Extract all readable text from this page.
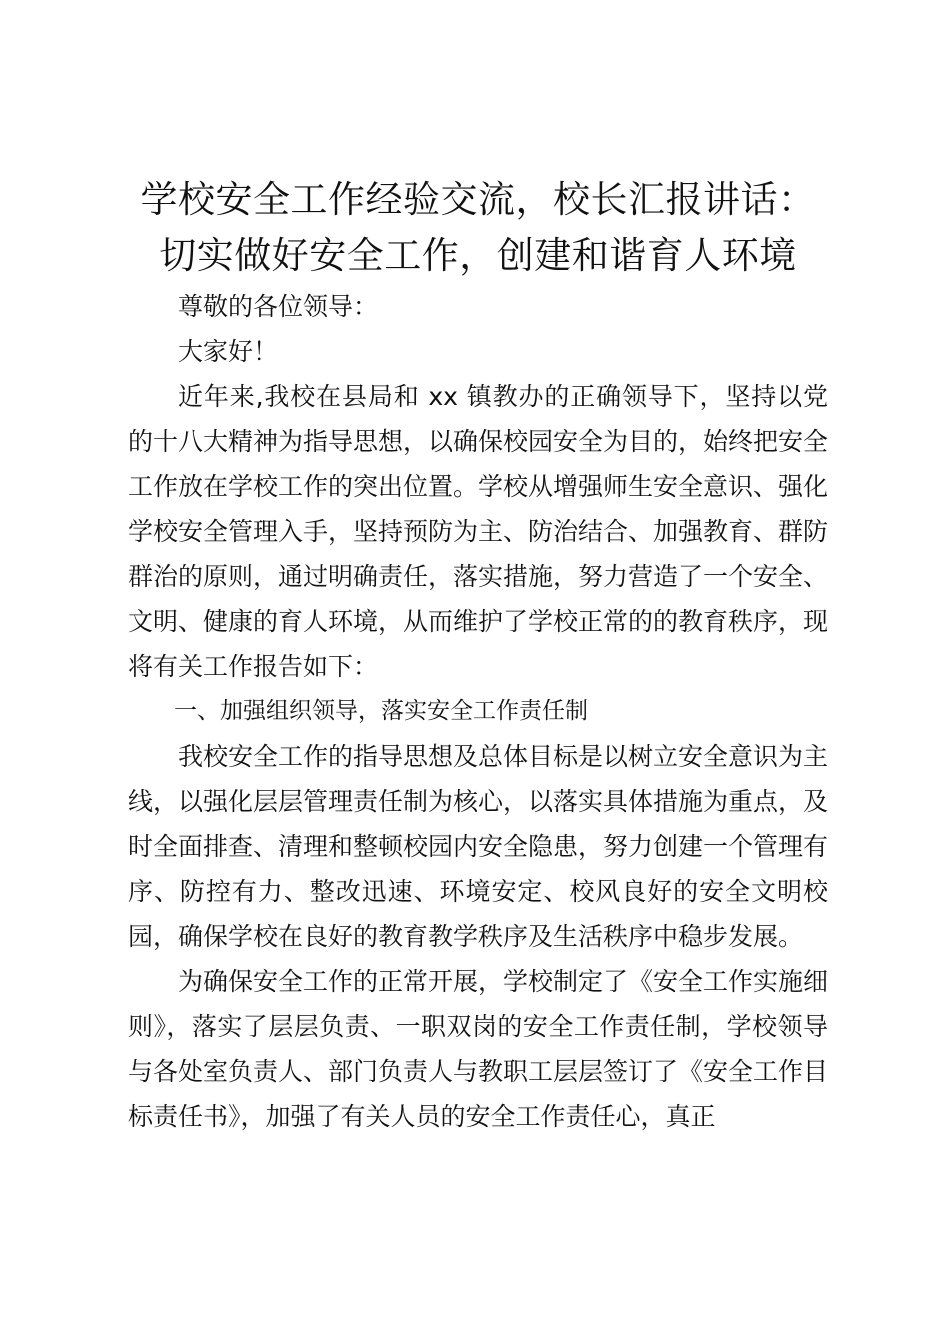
学校安全工作经验交流，校长汇报讲话：切实做好安全工作，创建和谐育人环境

尊敬的各位领导：

大家好！

近年来,我校在县局和 xx 镇教办的正确领导下，坚持以党的十八大精神为指导思想，以确保校园安全为目的，始终把安全工作放在学校工作的突出位置。学校从增强师生安全意识、强化学校安全管理入手，坚持预防为主、防治结合、加强教育、群防群治的原则，通过明确责任，落实措施，努力营造了一个安全、文明、健康的育人环境，从而维护了学校正常的的教育秩序，现将有关工作报告如下：

一、加强组织领导，落实安全工作责任制

我校安全工作的指导思想及总体目标是以树立安全意识为主线，以强化层层管理责任制为核心，以落实具体措施为重点，及时全面排查、清理和整顿校园内安全隐患，努力创建一个管理有序、防控有力、整改迅速、环境安定、校风良好的安全文明校园，确保学校在良好的教育教学秩序及生活秩序中稳步发展。

为确保安全工作的正常开展，学校制定了《安全工作实施细则》，落实了层层负责、一职双岗的安全工作责任制，学校领导与各处室负责人、部门负责人与教职工层层签订了《安全工作目标责任书》，加强了有关人员的安全工作责任心，真正
